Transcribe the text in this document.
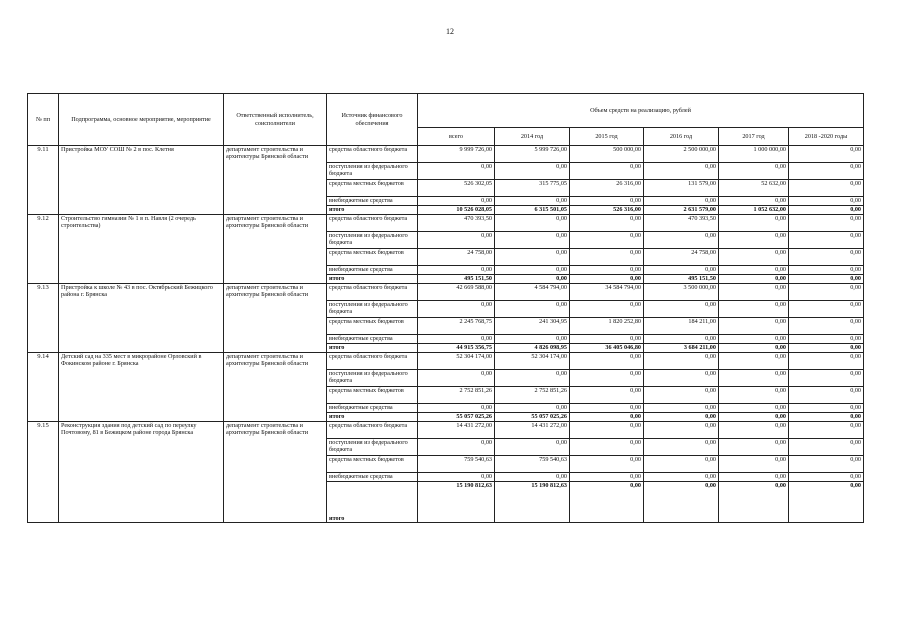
12
№ пп	Подпрограмма, основное мероприятие, мероприятие	Ответственный исполнитель, соисполнители	Источник финансового обеспечения	Объем средств на реализацию, рублей					
				всего	2014 год	2015 год	2016 год	2017 год	2018 -2020 годы
9.11	Пристройка МОУ СОШ № 2 в пос. Клетня	департамент строительства и архитектуры Брянской области	средства областного бюджета	9 999 726,00	5 999 726,00	500 000,00	2 500 000,00	1 000 000,00	0,00
			поступления из федерального бюджета	0,00	0,00	0,00	0,00	0,00	0,00
			средства местных бюджетов	526 302,05	315 775,05	26 316,00	131 579,00	52 632,00	0,00
			внебюджетные средства	0,00	0,00	0,00	0,00	0,00	0,00
			итого	10 526 028,05	6 315 501,05	526 316,00	2 631 579,00	1 052 632,00	0,00
9.12	Строительство гимназии № 1 в п. Навля (2 очередь строительства)	департамент строительства и архитектуры Брянской области	средства областного бюджета	470 393,50	0,00	0,00	470 393,50	0,00	0,00
			поступления из федерального бюджета	0,00	0,00	0,00	0,00	0,00	0,00
			средства местных бюджетов	24 758,00	0,00	0,00	24 758,00	0,00	0,00
			внебюджетные средства	0,00	0,00	0,00	0,00	0,00	0,00
			итого	495 151,50	0,00	0,00	495 151,50	0,00	0,00
9.13	Пристройка к школе № 43 в пос. Октябрьский Бежицкого района г. Брянска	департамент строительства и архитектуры Брянской области	средства областного бюджета	42 669 588,00	4 584 794,00	34 584 794,00	3 500 000,00	0,00	0,00
			поступления из федерального бюджета	0,00	0,00	0,00	0,00	0,00	0,00
			средства местных бюджетов	2 245 768,75	241 304,95	1 820 252,80	184 211,00	0,00	0,00
			внебюджетные средства	0,00	0,00	0,00	0,00	0,00	0,00
			итого	44 915 356,75	4 826 098,95	36 405 046,80	3 684 211,00	0,00	0,00
9.14	Детский сад на 335 мест в микрорайоне Орловский в Фокинском районе г. Брянска	департамент строительства и архитектуры Брянской области	средства областного бюджета	52 304 174,00	52 304 174,00	0,00	0,00	0,00	0,00
			поступления из федерального бюджета	0,00	0,00	0,00	0,00	0,00	0,00
			средства местных бюджетов	2 752 851,26	2 752 851,26	0,00	0,00	0,00	0,00
			внебюджетные средства	0,00	0,00	0,00	0,00	0,00	0,00
			итого	55 057 025,26	55 057 025,26	0,00	0,00	0,00	0,00
9.15	Реконструкция здания под детский сад по переулку Почтовому, 81 в Бежицком районе города Брянска	департамент строительства и архитектуры Брянской области	средства областного бюджета	14 431 272,00	14 431 272,00	0,00	0,00	0,00	0,00
			поступления из федерального бюджета	0,00	0,00	0,00	0,00	0,00	0,00
			средства местных бюджетов	759 540,63	759 540,63	0,00	0,00	0,00	0,00
			внебюджетные средства	0,00	0,00	0,00	0,00	0,00	0,00
			итого	15 190 812,63	15 190 812,63	0,00	0,00	0,00	0,00
